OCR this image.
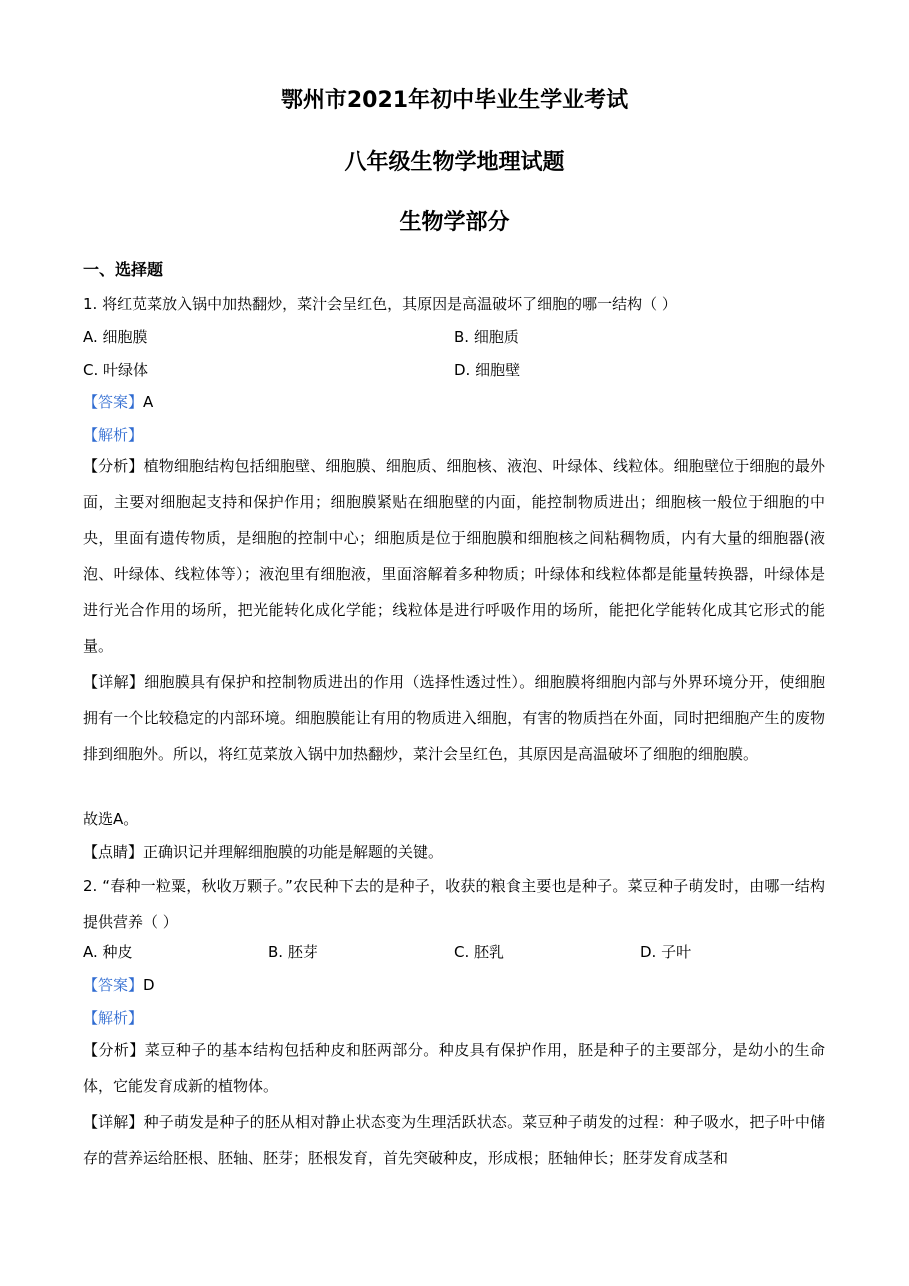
鄂州市2021年初中毕业生学业考试
八年级生物学地理试题
生物学部分
一、选择题
1. 将红苋菜放入锅中加热翻炒，菜汁会呈红色，其原因是高温破坏了细胞的哪一结构（ ）
A. 细胞膜	B. 细胞质
C. 叶绿体	D. 细胞壁
【答案】A
【解析】
【分析】植物细胞结构包括细胞壁、细胞膜、细胞质、细胞核、液泡、叶绿体、线粒体。细胞壁位于细胞的最外面，主要对细胞起支持和保护作用；细胞膜紧贴在细胞壁的内面，能控制物质进出；细胞核一般位于细胞的中央，里面有遗传物质，是细胞的控制中心；细胞质是位于细胞膜和细胞核之间粘稠物质，内有大量的细胞器(液泡、叶绿体、线粒体等）；液泡里有细胞液，里面溶解着多种物质；叶绿体和线粒体都是能量转换器，叶绿体是进行光合作用的场所，把光能转化成化学能；线粒体是进行呼吸作用的场所，能把化学能转化成其它形式的能量。
【详解】细胞膜具有保护和控制物质进出的作用（选择性透过性）。细胞膜将细胞内部与外界环境分开，使细胞拥有一个比较稳定的内部环境。细胞膜能让有用的物质进入细胞，有害的物质挡在外面，同时把细胞产生的废物排到细胞外。所以，将红苋菜放入锅中加热翻炒，菜汁会呈红色，其原因是高温破坏了细胞的细胞膜。
故选A。
【点睛】正确识记并理解细胞膜的功能是解题的关键。
2. “春种一粒粟，秋收万颗子。”农民种下去的是种子，收获的粮食主要也是种子。菜豆种子萌发时，由哪一结构提供营养（ ）
A. 种皮	B. 胚芽	C. 胚乳	D. 子叶
【答案】D
【解析】
【分析】菜豆种子的基本结构包括种皮和胚两部分。种皮具有保护作用，胚是种子的主要部分，是幼小的生命体，它能发育成新的植物体。
【详解】种子萌发是种子的胚从相对静止状态变为生理活跃状态。菜豆种子萌发的过程：种子吸水，把子叶中储存的营养运给胚根、胚轴、胚芽；胚根发育，首先突破种皮，形成根；胚轴伸长；胚芽发育成茎和
